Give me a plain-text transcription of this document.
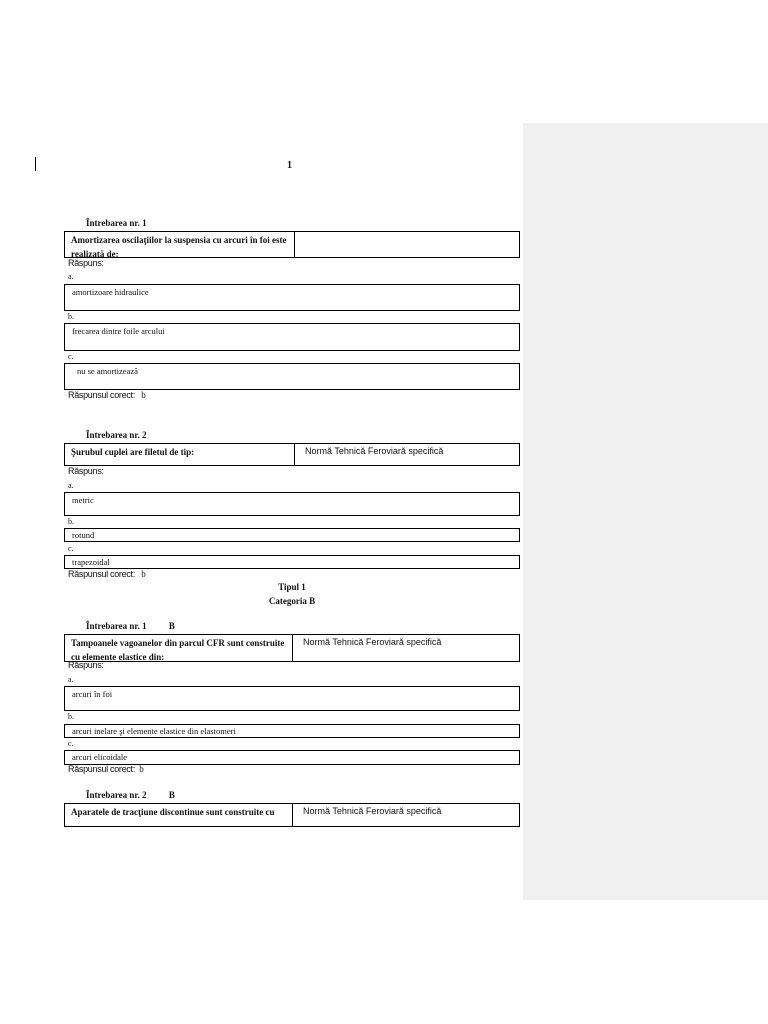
1
Întrebarea nr. 1
Amortizarea oscilaţiilor la suspensia cu arcuri în foi este realizată de:
Răspuns:
a.
amortizoare hidraulice
b.
frecarea dintre foile arcului
c.
nu se amortizează
Răspunsul corect: b
Întrebarea nr. 2
Şurubul cuplei are filetul de tip:	Normă Tehnică Feroviară specifică
Răspuns:
a.
metric
b.
rotund
c.
trapezoidal
Răspunsul corect: b
Tipul 1
Categoria B
Întrebarea nr. 1 B
Tampoanele vagoanelor din parcul CFR sunt construite cu elemente elastice din:
Normă Tehnică Feroviară specifică
Răspuns:
a.
arcuri în foi
b.
arcuri inelare şi elemente elastice din elastomeri
c.
arcuri elicoidale
Răspunsul corect: b
Întrebarea nr. 2 B
Aparatele de tracţiune discontinue sunt construite cu	Normă Tehnică Feroviară specifică
